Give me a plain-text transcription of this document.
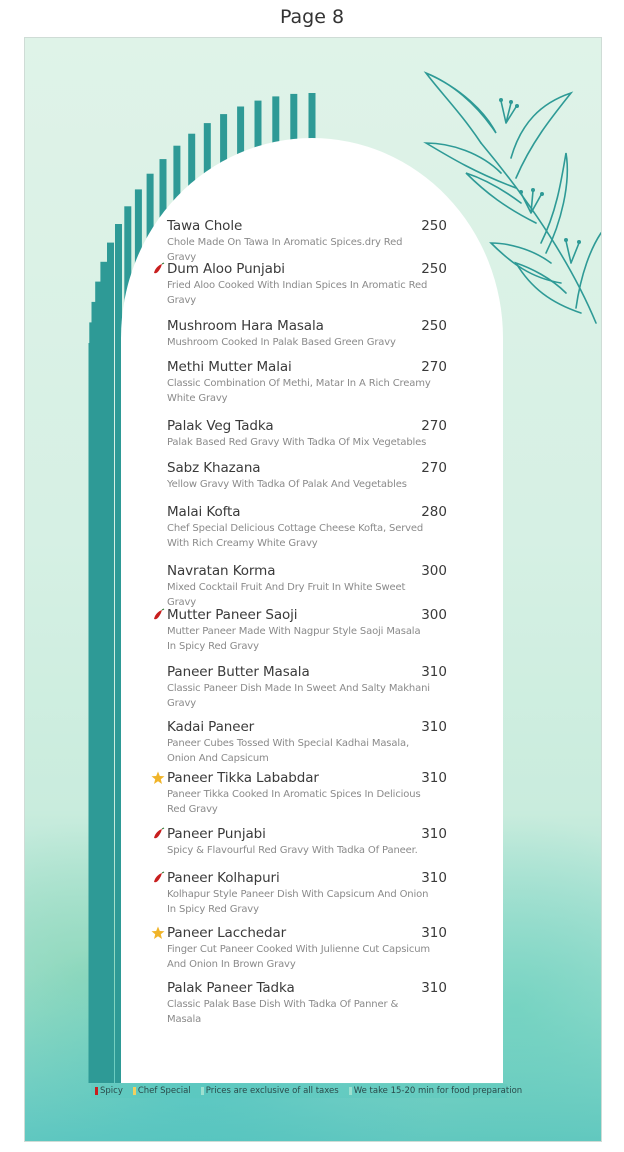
Page 8
Tawa Chole	250
Chole Made On Tawa In Aromatic Spices.dry Red Gravy
Dum Aloo Punjabi	250
Fried Aloo Cooked With Indian Spices In Aromatic Red Gravy
Mushroom Hara Masala	250
Mushroom Cooked In Palak Based Green Gravy
Methi Mutter Malai	270
Classic Combination Of Methi, Matar In A Rich Creamy White Gravy
Palak Veg Tadka	270
Palak Based Red Gravy With Tadka Of Mix Vegetables
Sabz Khazana	270
Yellow Gravy With Tadka Of Palak And Vegetables
Malai Kofta	280
Chef Special Delicious Cottage Cheese Kofta, Served With Rich Creamy White Gravy
Navratan Korma	300
Mixed Cocktail Fruit And Dry Fruit In White Sweet Gravy
Mutter Paneer Saoji	300
Mutter Paneer Made With Nagpur Style Saoji Masala In Spicy Red Gravy
Paneer Butter Masala	310
Classic Paneer Dish Made In Sweet And Salty Makhani Gravy
Kadai Paneer	310
Paneer Cubes Tossed With Special Kadhai Masala, Onion And Capsicum
Paneer Tikka Lababdar	310
Paneer Tikka Cooked In Aromatic Spices In Delicious Red Gravy
Paneer Punjabi	310
Spicy & Flavourful Red Gravy With Tadka Of Paneer.
Paneer Kolhapuri	310
Kolhapur Style Paneer Dish With Capsicum And Onion In Spicy Red Gravy
Paneer Lacchedar	310
Finger Cut Paneer Cooked With Julienne Cut Capsicum And Onion In Brown Gravy
Palak Paneer Tadka	310
Classic Palak Base Dish With Tadka Of Panner & Masala
Spicy	Chef Special	Prices are exclusive of all taxes	We take 15-20 min for food preparation
